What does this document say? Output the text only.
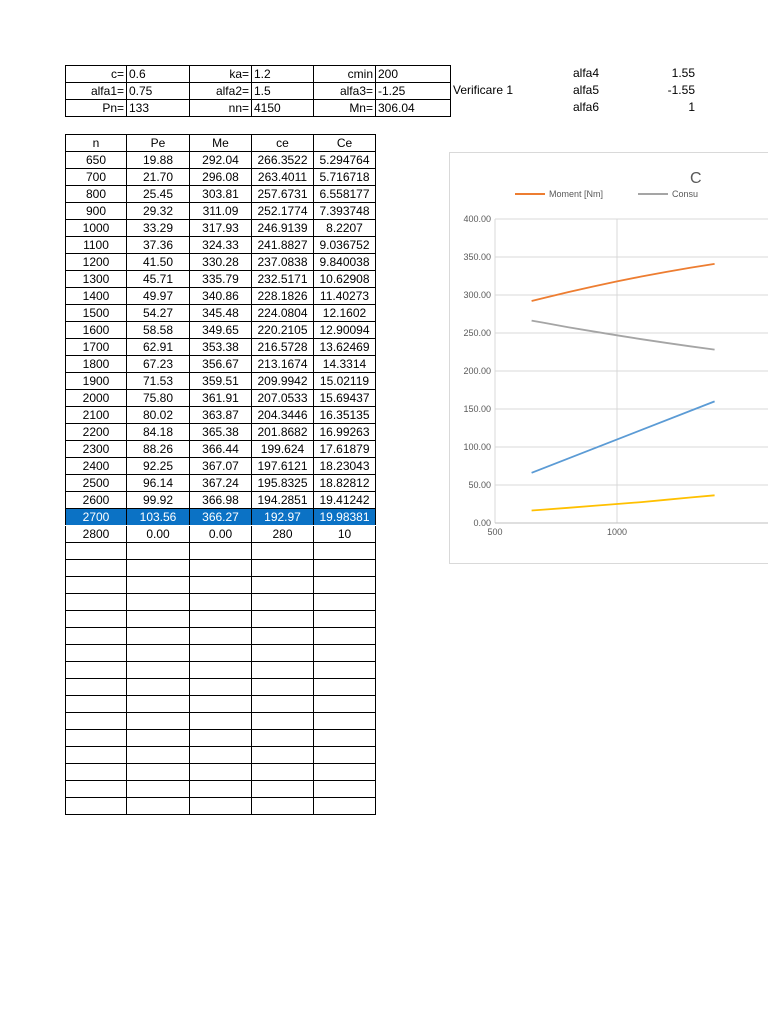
c=	0.6	ka=	1.2	cmin	200
alfa1=	0.75	alfa2=	1.5	alfa3=	-1.25
Pn=	133	nn=	4150	Mn=	306.04
Verificare 1
alfa4	1.55
alfa5	-1.55
alfa6	1
n	Pe	Me	ce	Ce
650	19.88	292.04	266.3522	5.294764
700	21.70	296.08	263.4011	5.716718
800	25.45	303.81	257.6731	6.558177
900	29.32	311.09	252.1774	7.393748
1000	33.29	317.93	246.9139	8.2207
1100	37.36	324.33	241.8827	9.036752
1200	41.50	330.28	237.0838	9.840038
1300	45.71	335.79	232.5171	10.62908
1400	49.97	340.86	228.1826	11.40273
1500	54.27	345.48	224.0804	12.1602
1600	58.58	349.65	220.2105	12.90094
1700	62.91	353.38	216.5728	13.62469
1800	67.23	356.67	213.1674	14.3314
1900	71.53	359.51	209.9942	15.02119
2000	75.80	361.91	207.0533	15.69437
2100	80.02	363.87	204.3446	16.35135
2200	84.18	365.38	201.8682	16.99263
2300	88.26	366.44	199.624	17.61879
2400	92.25	367.07	197.6121	18.23043
2500	96.14	367.24	195.8325	18.82812
2600	99.92	366.98	194.2851	19.41242
2700	103.56	366.27	192.97	19.98381
2800	0.00	0.00	280	10

0.00
50.00
100.00
150.00
200.00
250.00
300.00
350.00
400.00
500	1000
C
Moment [Nm]	Consu
